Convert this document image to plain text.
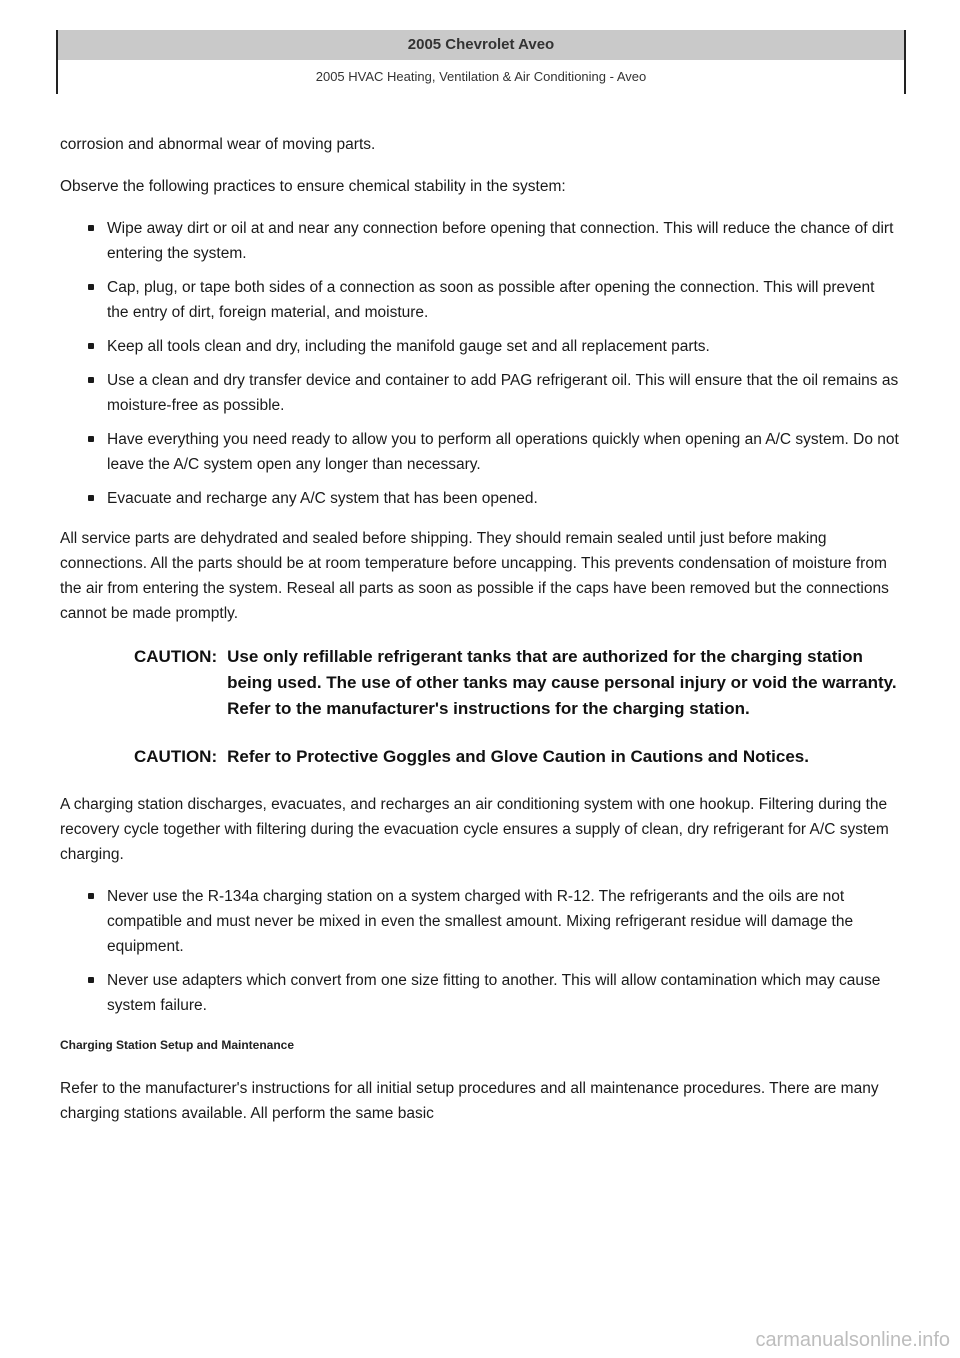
2005 Chevrolet Aveo
2005 HVAC Heating, Ventilation & Air Conditioning - Aveo

corrosion and abnormal wear of moving parts.

Observe the following practices to ensure chemical stability in the system:

Wipe away dirt or oil at and near any connection before opening that connection. This will reduce the chance of dirt entering the system.
Cap, plug, or tape both sides of a connection as soon as possible after opening the connection. This will prevent the entry of dirt, foreign material, and moisture.
Keep all tools clean and dry, including the manifold gauge set and all replacement parts.
Use a clean and dry transfer device and container to add PAG refrigerant oil. This will ensure that the oil remains as moisture-free as possible.
Have everything you need ready to allow you to perform all operations quickly when opening an A/C system. Do not leave the A/C system open any longer than necessary.
Evacuate and recharge any A/C system that has been opened.

All service parts are dehydrated and sealed before shipping. They should remain sealed until just before making connections. All the parts should be at room temperature before uncapping. This prevents condensation of moisture from the air from entering the system. Reseal all parts as soon as possible if the caps have been removed but the connections cannot be made promptly.

CAUTION: Use only refillable refrigerant tanks that are authorized for the charging station being used. The use of other tanks may cause personal injury or void the warranty. Refer to the manufacturer's instructions for the charging station.
CAUTION: Refer to Protective Goggles and Glove Caution in Cautions and Notices.

A charging station discharges, evacuates, and recharges an air conditioning system with one hookup. Filtering during the recovery cycle together with filtering during the evacuation cycle ensures a supply of clean, dry refrigerant for A/C system charging.

Never use the R-134a charging station on a system charged with R-12. The refrigerants and the oils are not compatible and must never be mixed in even the smallest amount. Mixing refrigerant residue will damage the equipment.
Never use adapters which convert from one size fitting to another. This will allow contamination which may cause system failure.
Charging Station Setup and Maintenance

Refer to the manufacturer's instructions for all initial setup procedures and all maintenance procedures. There are many charging stations available. All perform the same basic

carmanualsonline.info
